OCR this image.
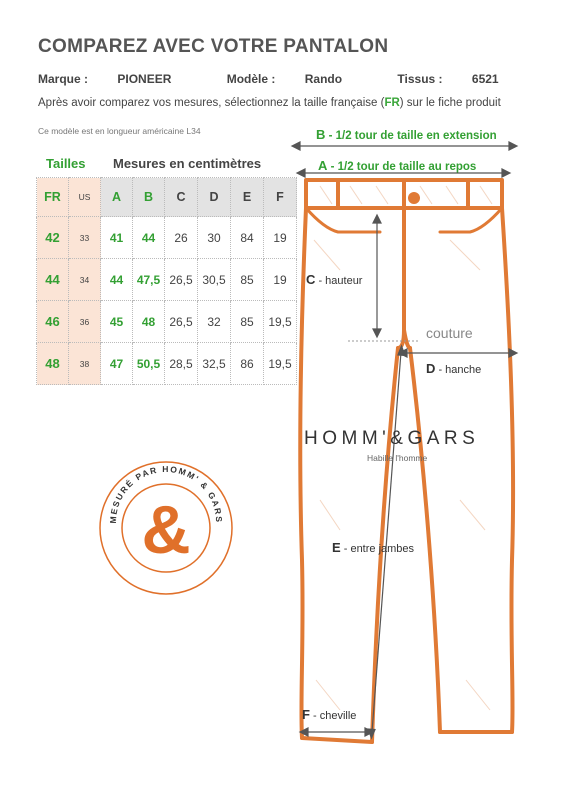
COMPAREZ AVEC VOTRE PANTALON
Marque : PIONEER	Modèle : Rando	Tissus : 6521
Après avoir comparez vos mesures, sélectionnez la taille française (FR) sur le fiche produit
Ce modèle est en longueur américaine L34
Tailles Mesures en centimètres
FR	US	A	B	C	D	E	F
42	33	41	44	26	30	84	19
44	34	44	47,5	26,5	30,5	85	19
46	36	45	48	26,5	32	85	19,5
48	38	47	50,5	28,5	32,5	86	19,5
MESURÉ PAR HOMM' & GARS
&
B - 1/2 tour de taille en extension
A - 1/2 tour de taille au repos
C - hauteur
couture
D - hanche
E - entre jambes
F - cheville
HOMM'&GARS
Habille l'homme
